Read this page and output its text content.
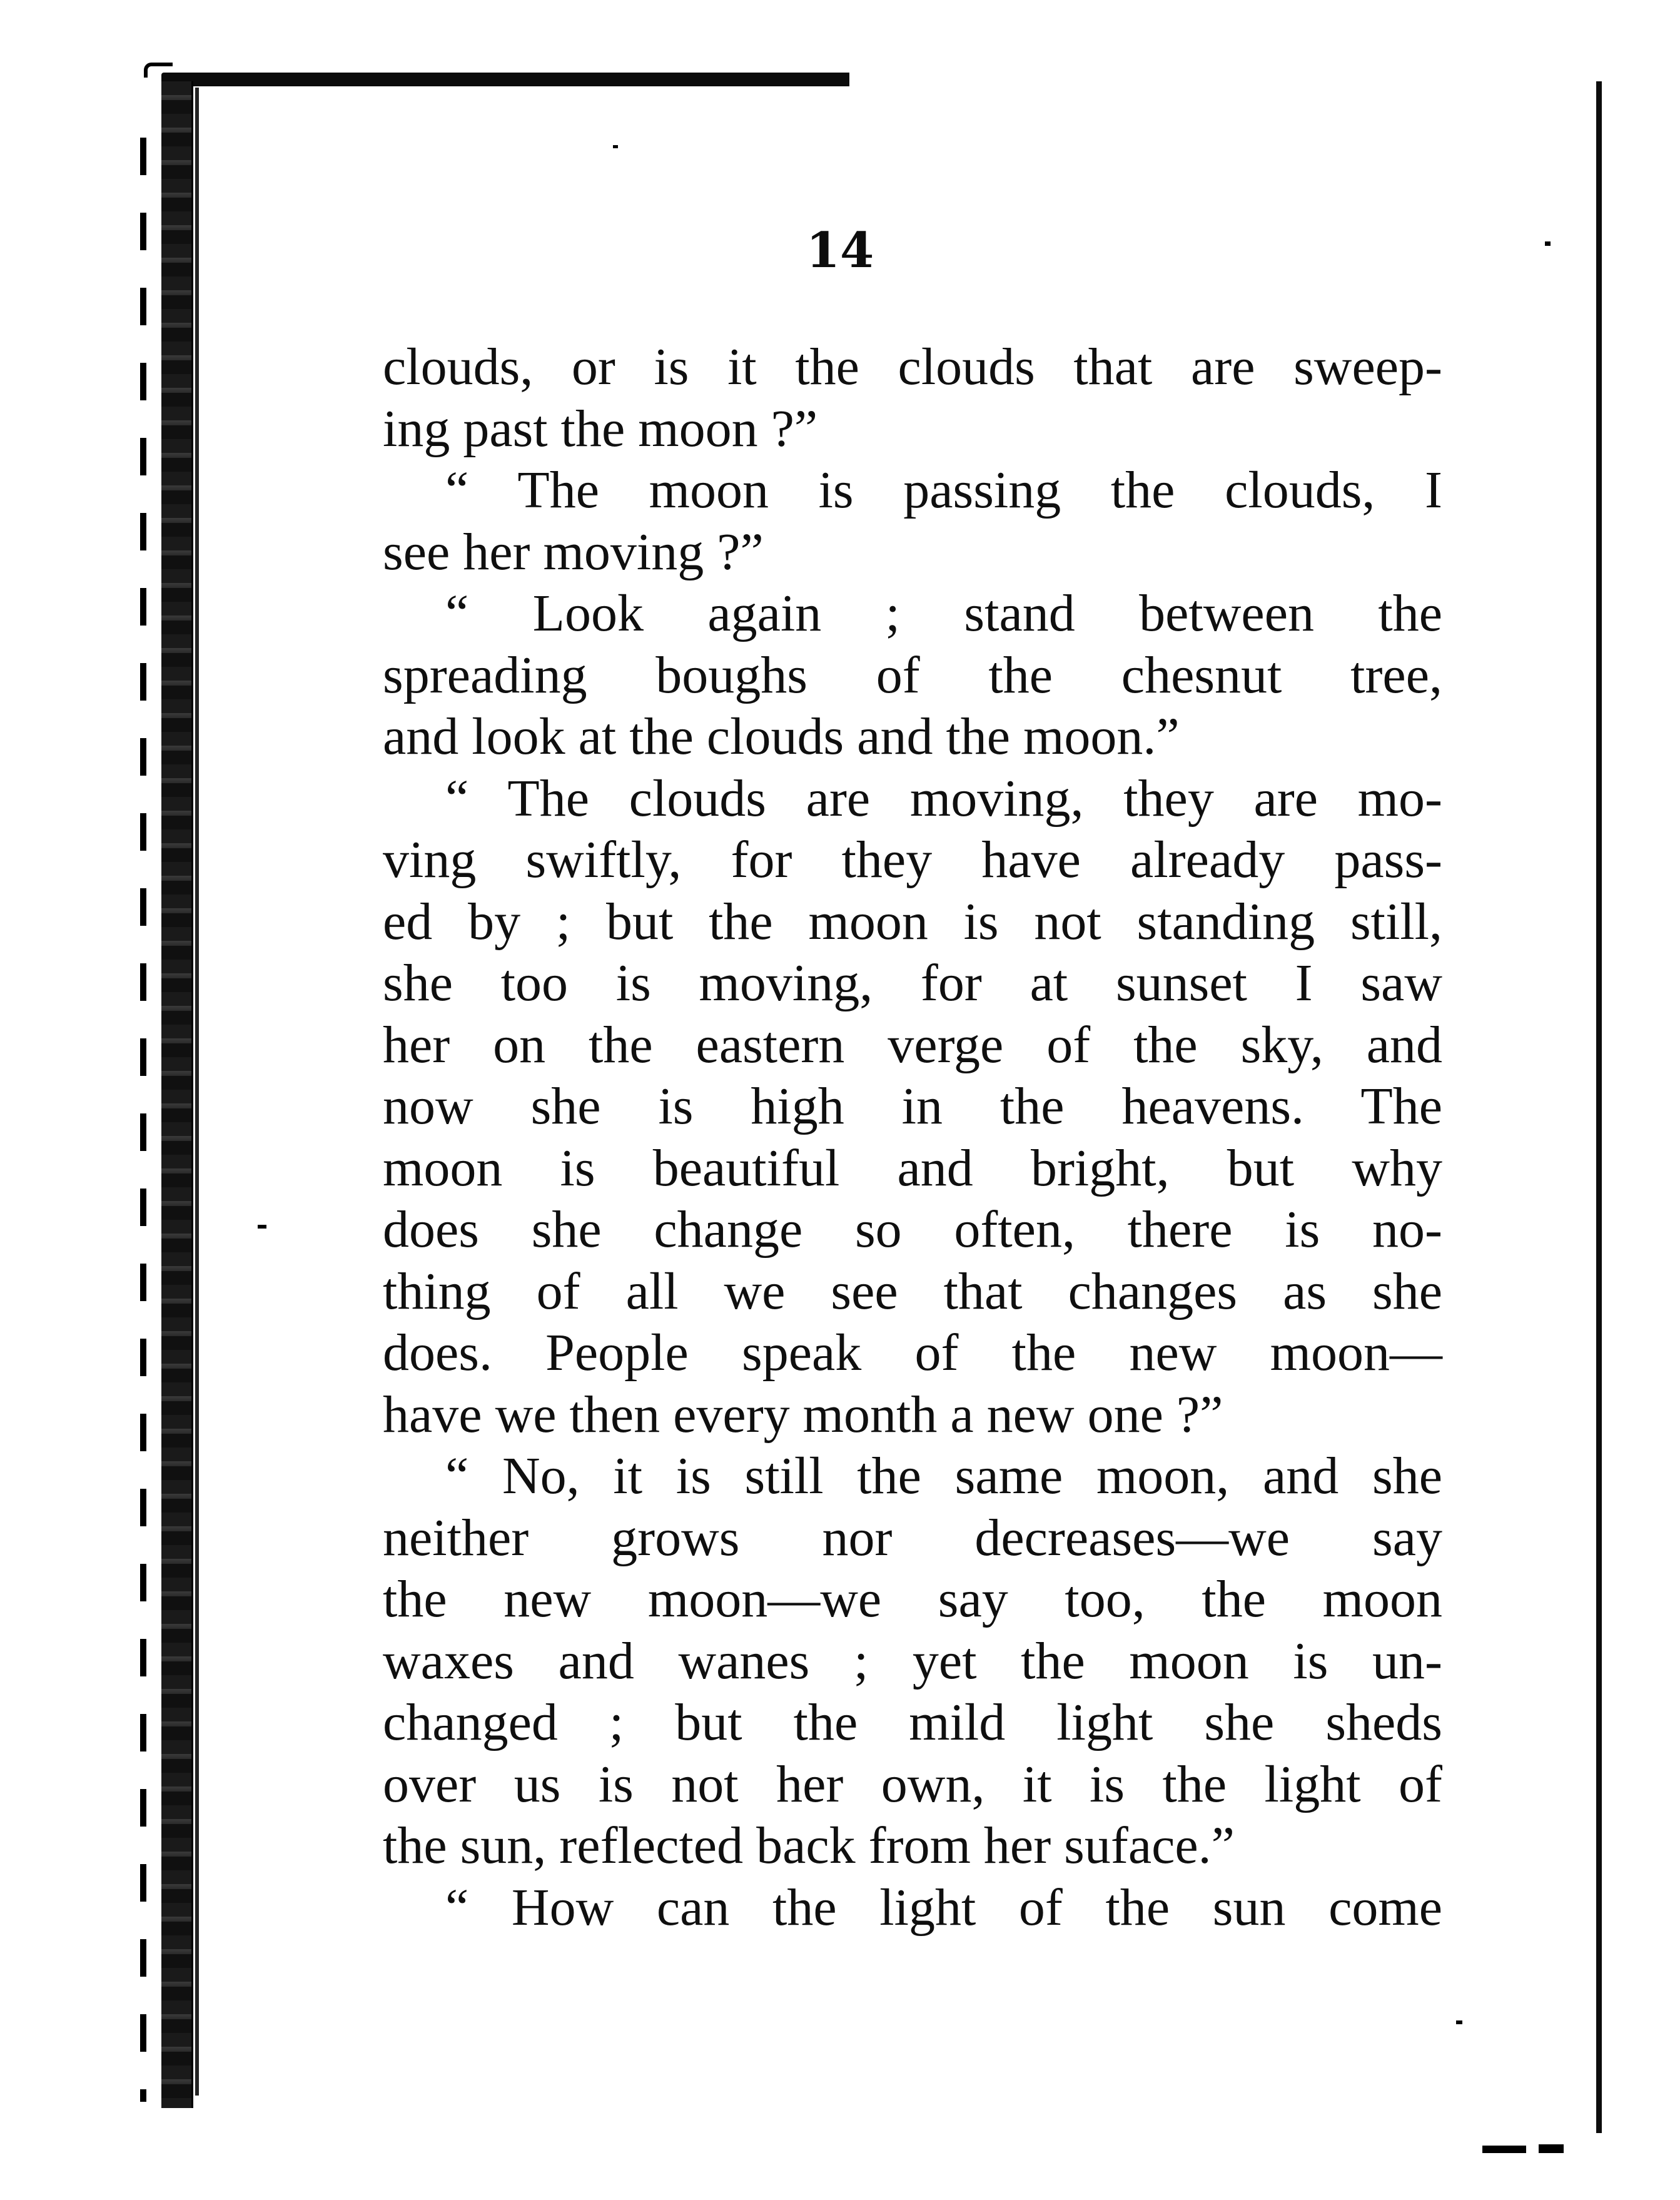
14
clouds, or is it the clouds that are sweep-
ing past the moon ?”
“ The moon is passing the clouds, I
see her moving ?”
“ Look again ; stand between the
spreading boughs of the chesnut tree,
and look at the clouds and the moon.”
“ The clouds are moving, they are mo-
ving swiftly, for they have already pass-
ed by ; but the moon is not standing still,
she too is moving, for at sunset I saw
her on the eastern verge of the sky, and
now she is high in the heavens. The
moon is beautiful and bright, but why
does she change so often, there is no-
thing of all we see that changes as she
does. People speak of the new moon—
have we then every month a new one ?”
“ No, it is still the same moon, and she
neither grows nor decreases—we say
the new moon—we say too, the moon
waxes and wanes ; yet the moon is un-
changed ; but the mild light she sheds
over us is not her own, it is the light of
the sun, reflected back from her suface.”
“ How can the light of the sun come
